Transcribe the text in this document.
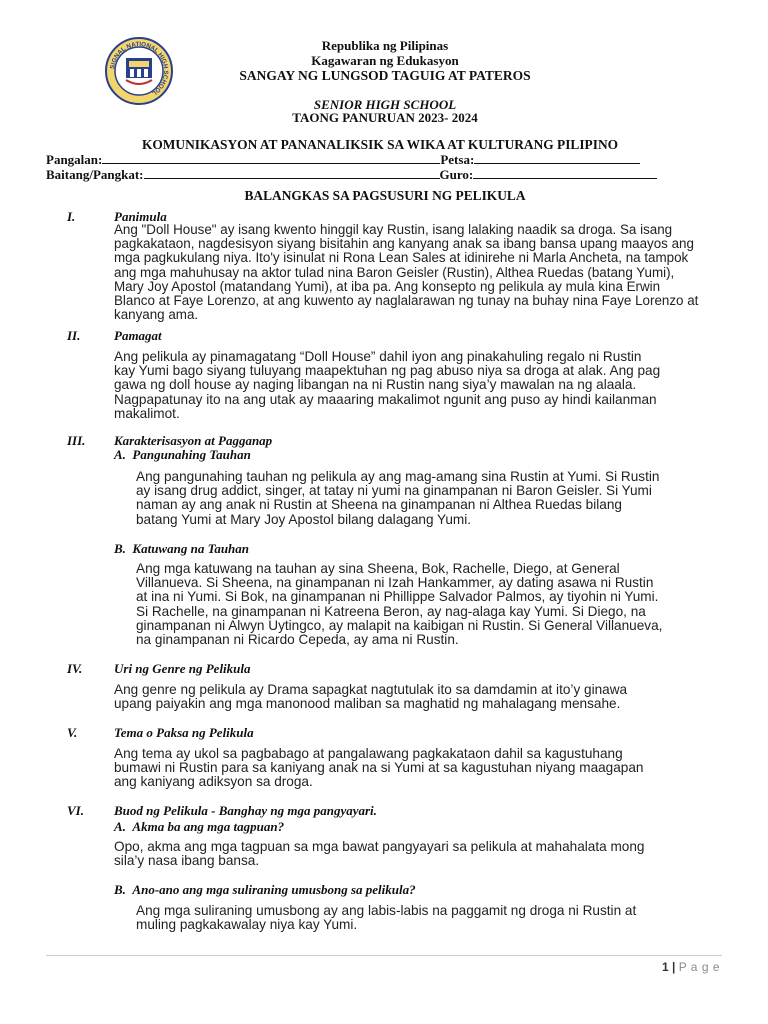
SIGNAL NATIONAL HIGH SCHOOL
Republika ng Pilipinas
Kagawaran ng Edukasyon
SANGAY NG LUNGSOD TAGUIG AT PATEROS
SENIOR HIGH SCHOOL
TAONG PANURUAN 2023- 2024
KOMUNIKASYON AT PANANALIKSIK SA WIKA AT KULTURANG PILIPINO
Pangalan:	Petsa:
Baitang/Pangkat:	Guro:
BALANGKAS SA PAGSUSURI NG PELIKULA
I.	Panimula
Ang "Doll House" ay isang kwento hinggil kay Rustin, isang lalaking naadik sa droga. Sa isang
pagkakataon, nagdesisyon siyang bisitahin ang kanyang anak sa ibang bansa upang maayos ang
mga pagkukulang niya. Ito'y isinulat ni Rona Lean Sales at idinirehe ni Marla Ancheta, na tampok
ang mga mahuhusay na aktor tulad nina Baron Geisler (Rustin), Althea Ruedas (batang Yumi),
Mary Joy Apostol (matandang Yumi), at iba pa. Ang konsepto ng pelikula ay mula kina Erwin
Blanco at Faye Lorenzo, at ang kuwento ay naglalarawan ng tunay na buhay nina Faye Lorenzo at
kanyang ama.
II.	Pamagat
Ang pelikula ay pinamagatang “Doll House” dahil iyon ang pinakahuling regalo ni Rustin
kay Yumi bago siyang tuluyang maapektuhan ng pag abuso niya sa droga at alak. Ang pag
gawa ng doll house ay naging libangan na ni Rustin nang siya’y mawalan na ng alaala.
Nagpapatunay ito na ang utak ay maaaring makalimot ngunit ang puso ay hindi kailanman
makalimot.
III. Karakterisasyon at Pagganap
A. Pangunahing Tauhan
Ang pangunahing tauhan ng pelikula ay ang mag-amang sina Rustin at Yumi. Si Rustin
ay isang drug addict, singer, at tatay ni yumi na ginampanan ni Baron Geisler. Si Yumi
naman ay ang anak ni Rustin at Sheena na ginampanan ni Althea Ruedas bilang
batang Yumi at Mary Joy Apostol bilang dalagang Yumi.
B. Katuwang na Tauhan
Ang mga katuwang na tauhan ay sina Sheena, Bok, Rachelle, Diego, at General
Villanueva. Si Sheena, na ginampanan ni Izah Hankammer, ay dating asawa ni Rustin
at ina ni Yumi. Si Bok, na ginampanan ni Phillippe Salvador Palmos, ay tiyohin ni Yumi.
Si Rachelle, na ginampanan ni Katreena Beron, ay nag-alaga kay Yumi. Si Diego, na
ginampanan ni Alwyn Uytingco, ay malapit na kaibigan ni Rustin. Si General Villanueva,
na ginampanan ni Ricardo Cepeda, ay ama ni Rustin.
IV. Uri ng Genre ng Pelikula
Ang genre ng pelikula ay Drama sapagkat nagtutulak ito sa damdamin at ito’y ginawa
upang paiyakin ang mga manonood maliban sa maghatid ng mahalagang mensahe.
V.	Tema o Paksa ng Pelikula
Ang tema ay ukol sa pagbabago at pangalawang pagkakataon dahil sa kagustuhang
bumawi ni Rustin para sa kaniyang anak na si Yumi at sa kagustuhan niyang maagapan
ang kaniyang adiksyon sa droga.
VI. Buod ng Pelikula - Banghay ng mga pangyayari.
A. Akma ba ang mga tagpuan?
Opo, akma ang mga tagpuan sa mga bawat pangyayari sa pelikula at mahahalata mong
sila’y nasa ibang bansa.
B. Ano-ano ang mga suliraning umusbong sa pelikula?
Ang mga suliraning umusbong ay ang labis-labis na paggamit ng droga ni Rustin at
muling pagkakawalay niya kay Yumi.
1 | P a g e
